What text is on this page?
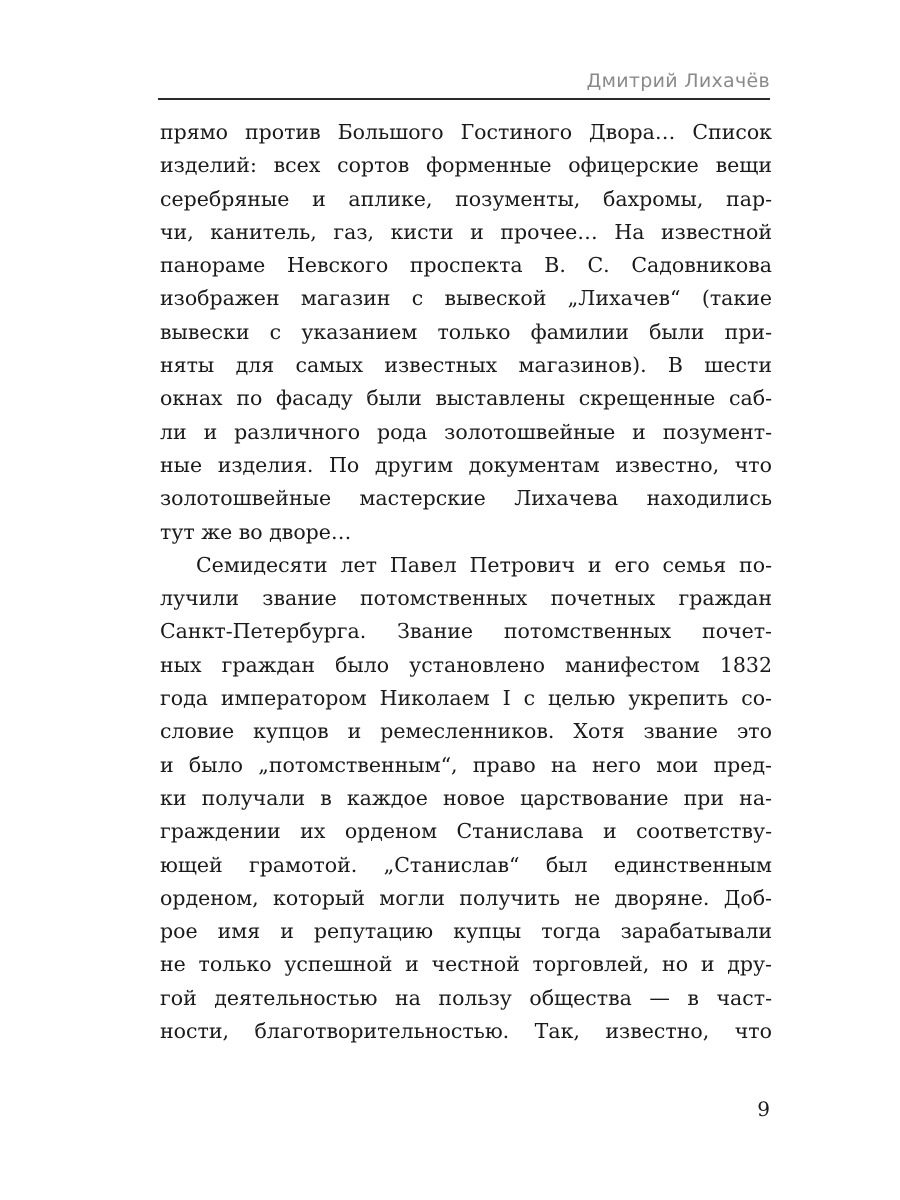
Дмитрий Лихачёв
прямо против Большого Гостиного Двора… Список
изделий: всех сортов форменные офицерские вещи
серебряные и аплике, позументы, бахромы, пар-
чи, канитель, газ, кисти и прочее… На известной
панораме Невского проспекта В. С. Садовникова
изображен магазин с вывеской „Лихачев“ (такие
вывески с указанием только фамилии были при-
няты для самых известных магазинов). В шести
окнах по фасаду были выставлены скрещенные саб-
ли и различного рода золотошвейные и позумент-
ные изделия. По другим документам известно, что
золотошвейные мастерские Лихачева находились
тут же во дворе…
Семидесяти лет Павел Петрович и его семья по-
лучили звание потомственных почетных граждан
Санкт-Петербурга. Звание потомственных почет-
ных граждан было установлено манифестом 1832
года императором Николаем I с целью укрепить со-
словие купцов и ремесленников. Хотя звание это
и было „потомственным“, право на него мои пред-
ки получали в каждое новое царствование при на-
граждении их орденом Станислава и соответству-
ющей грамотой. „Станислав“ был единственным
орденом, который могли получить не дворяне. Доб-
рое имя и репутацию купцы тогда зарабатывали
не только успешной и честной торговлей, но и дру-
гой деятельностью на пользу общества — в част-
ности, благотворительностью. Так, известно, что
9
